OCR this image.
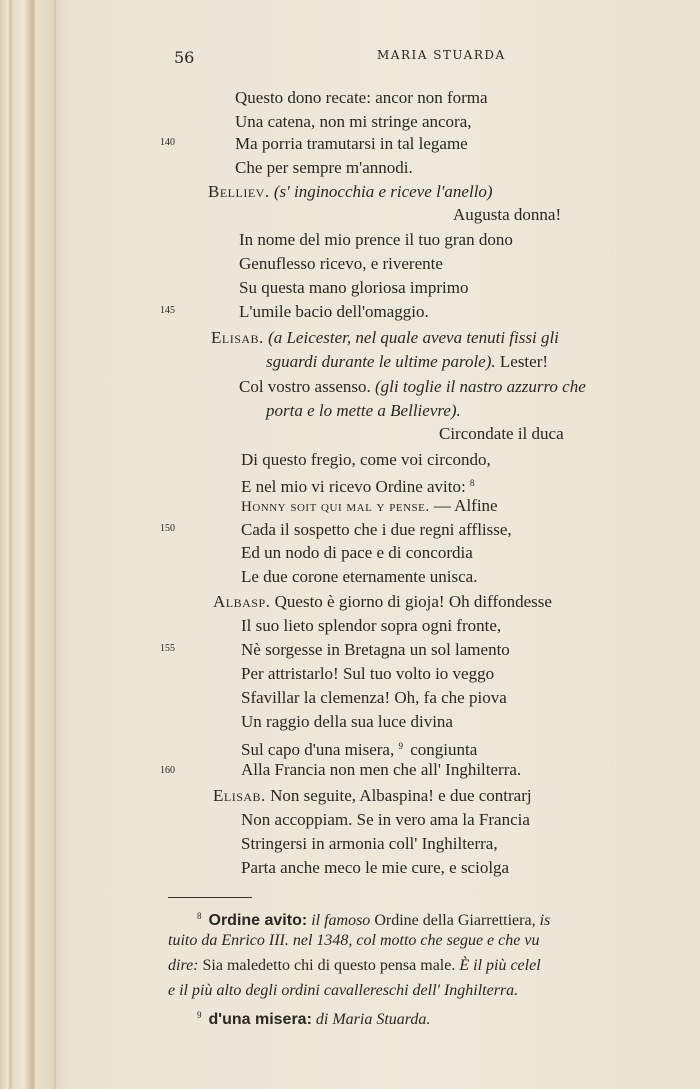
56	MARIA STUARDA
140
145
150
155
160
Questo dono recate: ancor non forma
Una catena, non mi stringe ancora,
Ma porria tramutarsi in tal legame
Che per sempre m'annodi.
Belliev. (s' inginocchia e riceve l'anello)
Augusta donna!
In nome del mio prence il tuo gran dono
Genuflesso ricevo, e riverente
Su questa mano gloriosa imprimo
L'umile bacio dell'omaggio.
Elisab. (a Leicester, nel quale aveva tenuti fissi gli
sguardi durante le ultime parole). Lester!
Col vostro assenso. (gli toglie il nastro azzurro che
porta e lo mette a Bellievre).
Circondate il duca
Di questo fregio, come voi circondo,
E nel mio vi ricevo Ordine avito: $^8$
Honny soit qui mal y pense. — Alfine
Cada il sospetto che i due regni afflisse,
Ed un nodo di pace e di concordia
Le due corone eternamente unisca.
Albasp. Questo è giorno di gioja! Oh diffondesse
Il suo lieto splendor sopra ogni fronte,
Nè sorgesse in Bretagna un sol lamento
Per attristarlo! Sul tuo volto io veggo
Sfavillar la clemenza! Oh, fa che piova
Un raggio della sua luce divina
Sul capo d'una misera, $^9$ congiunta
Alla Francia non men che all' Inghilterra.
Elisab. Non seguite, Albaspina! e due contrarj
Non accoppiam. Se in vero ama la Francia
Stringersi in armonia coll' Inghilterra,
Parta anche meco le mie cure, e sciolga
$^8$ Ordine avito: il famoso Ordine della Giarrettiera, is
tuito da Enrico III. nel 1348, col motto che segue e che vu
dire: Sia maledetto chi di questo pensa male. È il più celel
e il più alto degli ordini cavallereschi dell' Inghilterra.
$^9$ d'una misera: di Maria Stuarda.
